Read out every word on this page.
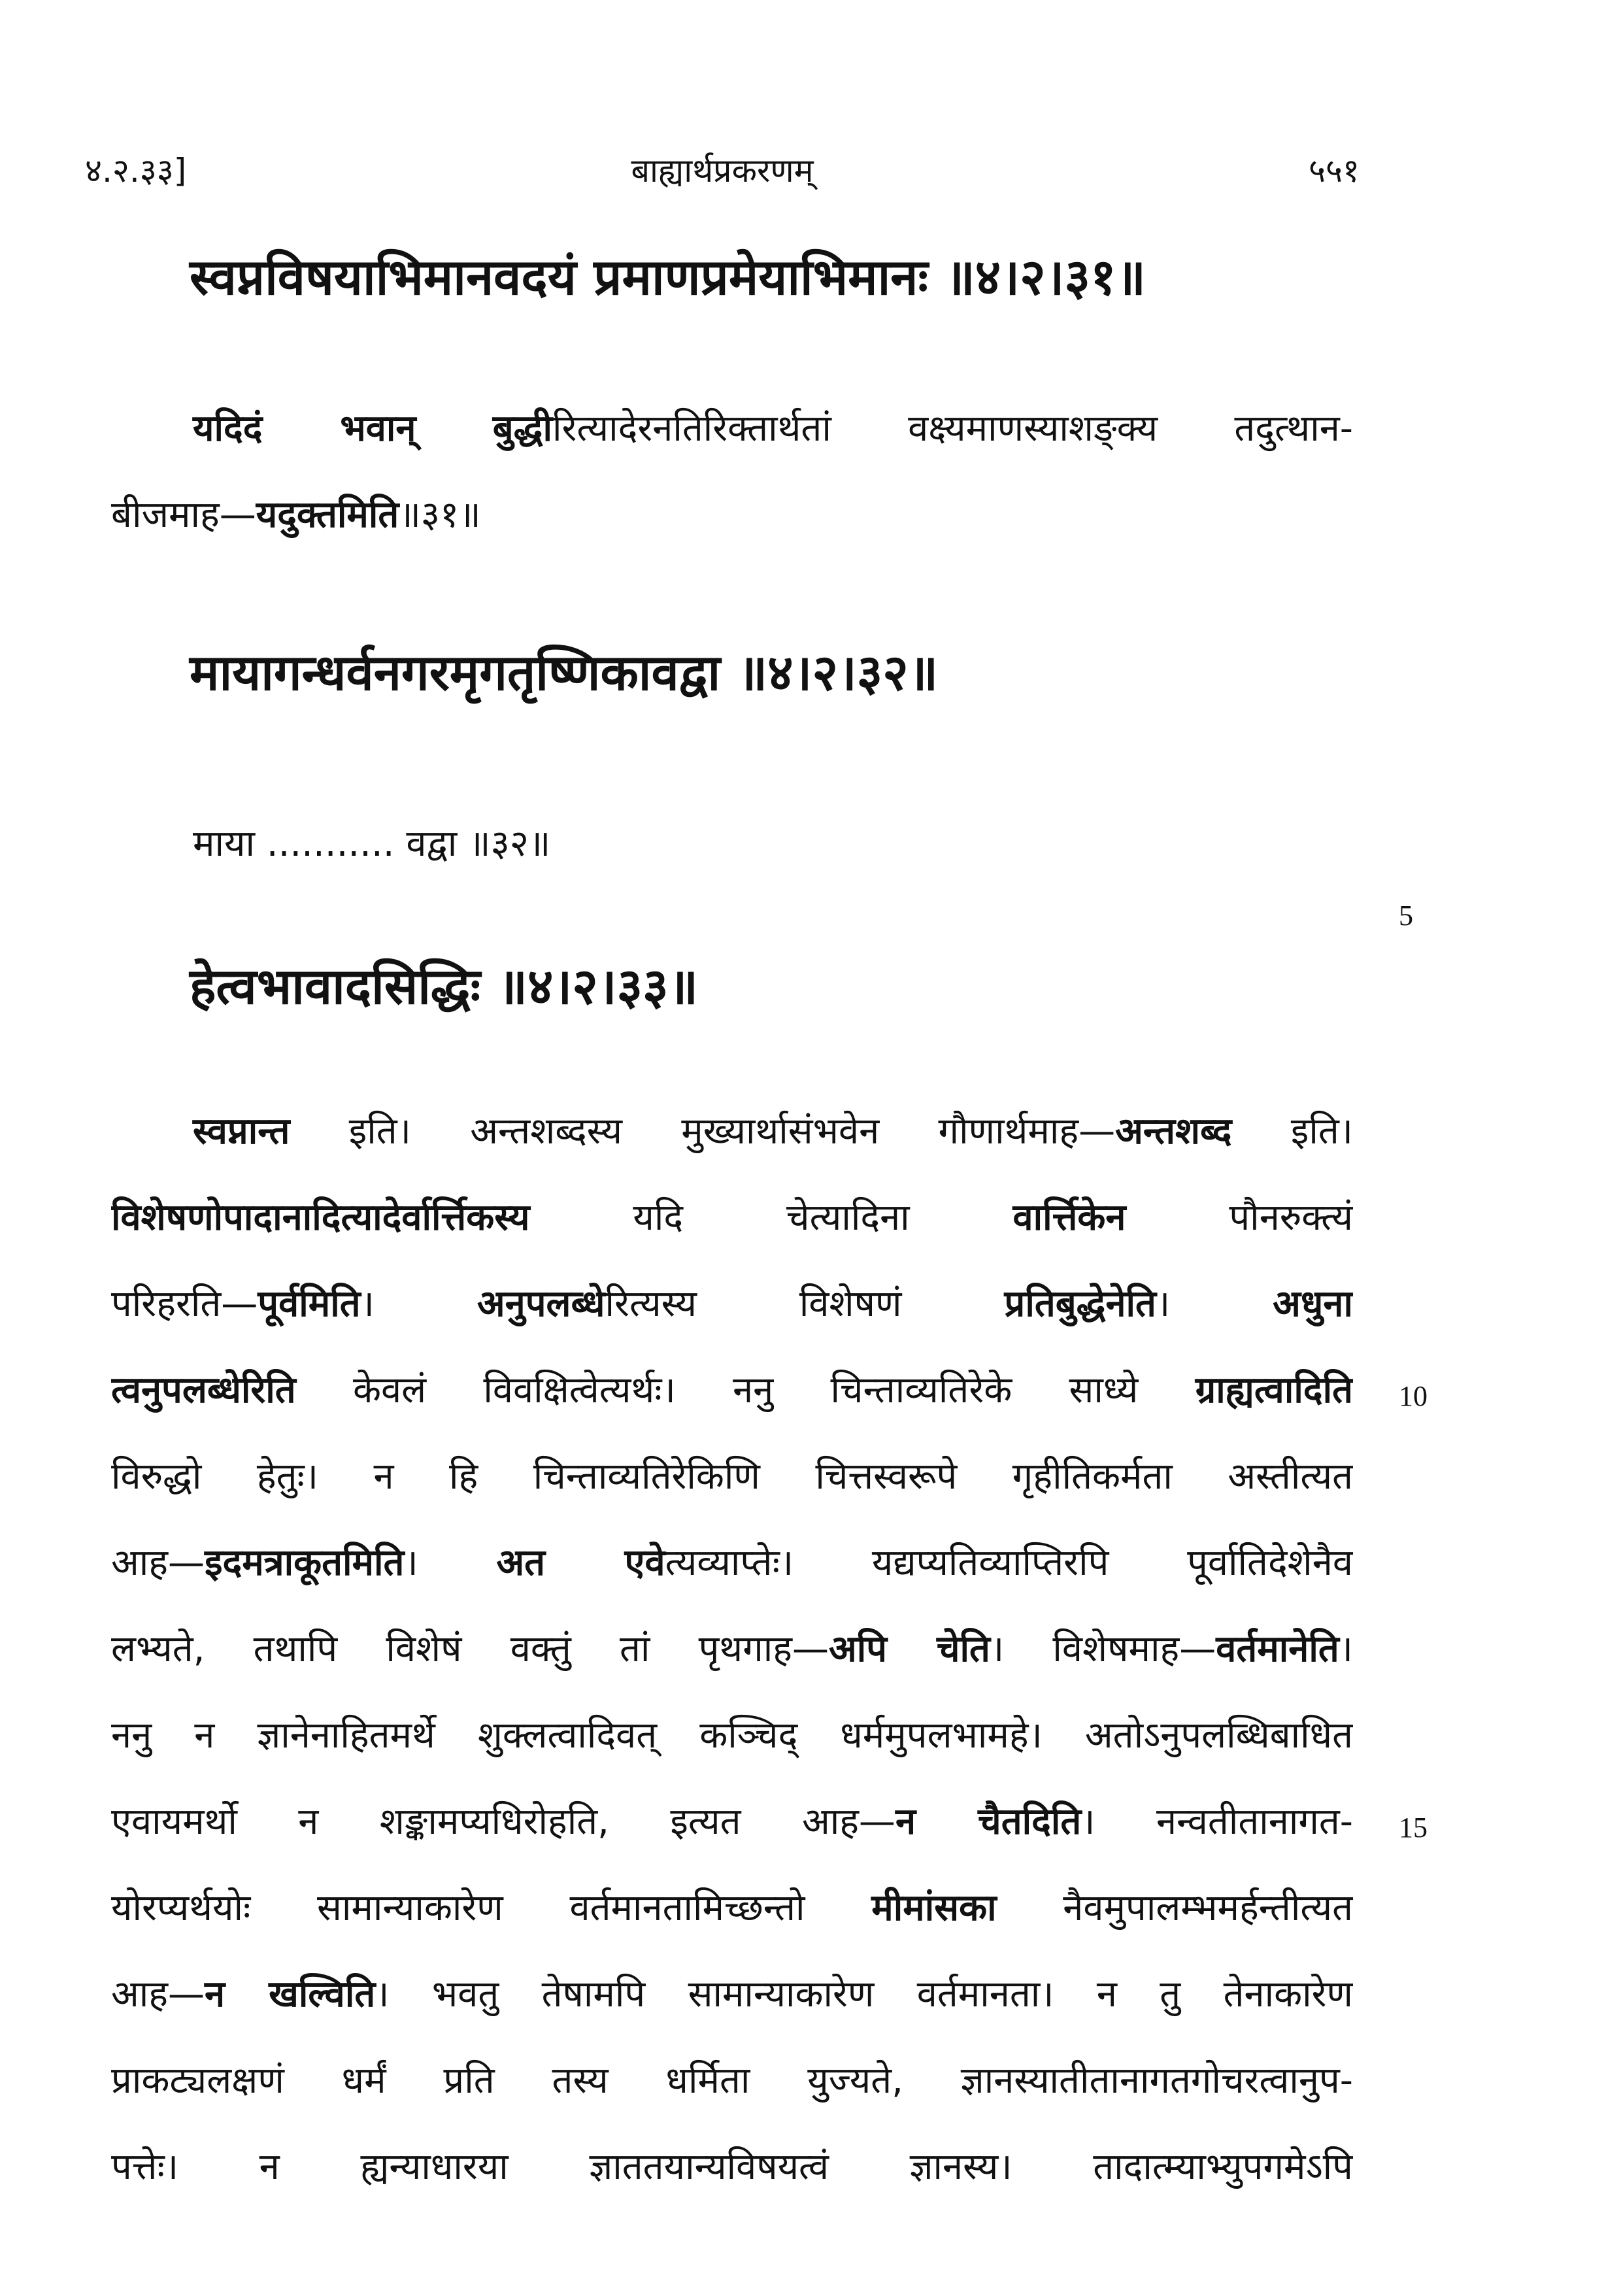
४.२.३३]	बाह्यार्थप्रकरणम्	५५१
स्वप्नविषयाभिमानवदयं प्रमाणप्रमेयाभिमानः ॥४।२।३१॥
यदिदं भवान् बुद्धीरित्यादेरनतिरिक्तार्थतां वक्ष्यमाणस्याशङ्क्य तदुत्थान-
बीजमाह—यदुक्तमिति॥३१॥
मायागन्धर्वनगरमृगतृष्णिकावद्वा ॥४।२।३२॥
माया ........... वद्वा ॥३२॥
5
हेत्वभावादसिद्धिः ॥४।२।३३॥
स्वप्नान्त इति। अन्तशब्दस्य मुख्यार्थासंभवेन गौणार्थमाह—अन्तशब्द इति।
विशेषणोपादानादित्यादेर्वार्त्तिकस्य यदि चेत्यादिना वार्त्तिकेन पौनरुक्त्यं
परिहरति—पूर्वमिति। अनुपलब्धेरित्यस्य विशेषणं प्रतिबुद्धेनेति। अधुना
त्वनुपलब्धेरिति केवलं विवक्षित्वेत्यर्थः। ननु चिन्ताव्यतिरेके साध्ये ग्राह्यत्वादिति
विरुद्धो हेतुः। न हि चिन्ताव्यतिरेकिणि चित्तस्वरूपे गृहीतिकर्मता अस्तीत्यत
आह—इदमत्राकूतमिति। अत एवेत्यव्याप्तेः। यद्यप्यतिव्याप्तिरपि पूर्वातिदेशेनैव
लभ्यते, तथापि विशेषं वक्तुं तां पृथगाह—अपि चेति। विशेषमाह—वर्तमानेति।
ननु न ज्ञानेनाहितमर्थे शुक्लत्वादिवत् कञ्चिद् धर्ममुपलभामहे। अतोऽनुपलब्धिबाधित
एवायमर्थो न शङ्कामप्यधिरोहति, इत्यत आह—न चैतदिति। नन्वतीतानागत-
योरप्यर्थयोः सामान्याकारेण वर्तमानतामिच्छन्तो मीमांसका नैवमुपालम्भमर्हन्तीत्यत
आह—न खल्विति। भवतु तेषामपि सामान्याकारेण वर्तमानता। न तु तेनाकारेण
प्राकट्यलक्षणं धर्मं प्रति तस्य धर्मिता युज्यते, ज्ञानस्यातीतानागतगोचरत्वानुप-
पत्तेः। न ह्यन्याधारया ज्ञाततयान्यविषयत्वं ज्ञानस्य। तादात्म्याभ्युपगमेऽपि
10
15
